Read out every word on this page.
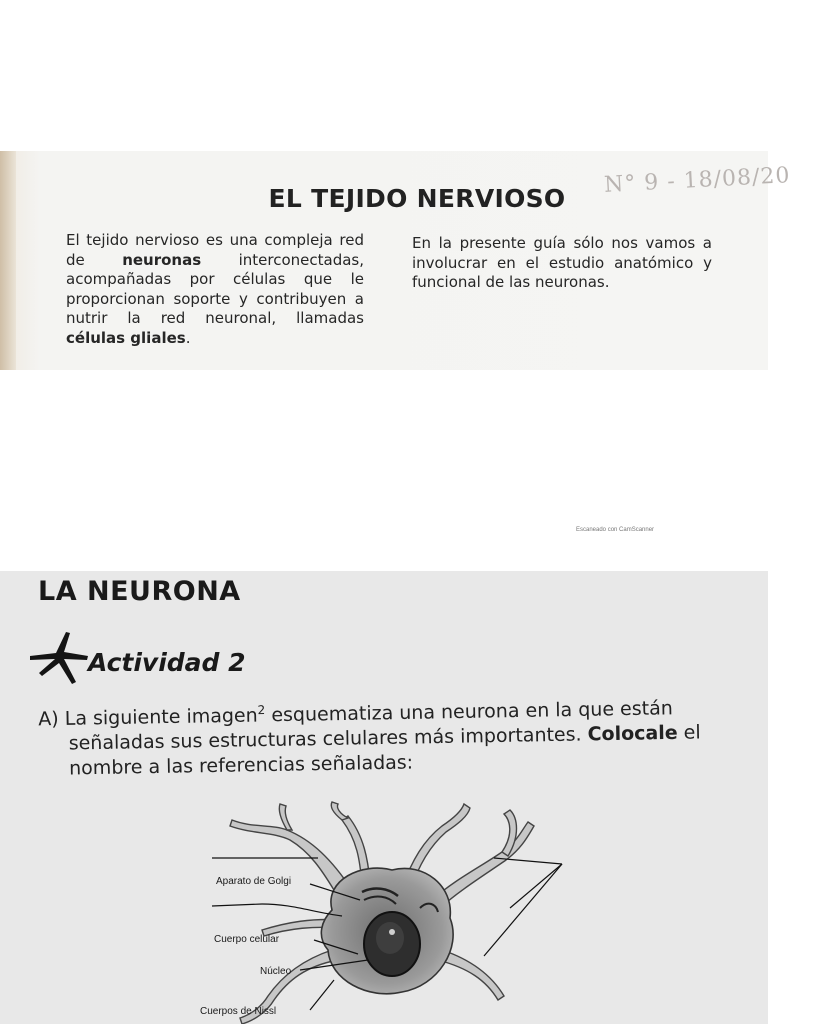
EL TEJIDO NERVIOSO
N° 9 - 18/08/20
El tejido nervioso es una compleja red de neuronas interconectadas, acompañadas por células que le proporcionan soporte y contribuyen a nutrir la red neuronal, llamadas células gliales.
En la presente guía sólo nos vamos a involucrar en el estudio anatómico y funcional de las neuronas.
Escaneado con CamScanner
LA NEURONA
Actividad 2
A) La siguiente imagen$^2$ esquematiza una neurona en la que están señaladas sus estructuras celulares más importantes. Colocale el nombre a las referencias señaladas:
Aparato de Golgi
Cuerpo celular
Núcleo
Cuerpos de Nissl
